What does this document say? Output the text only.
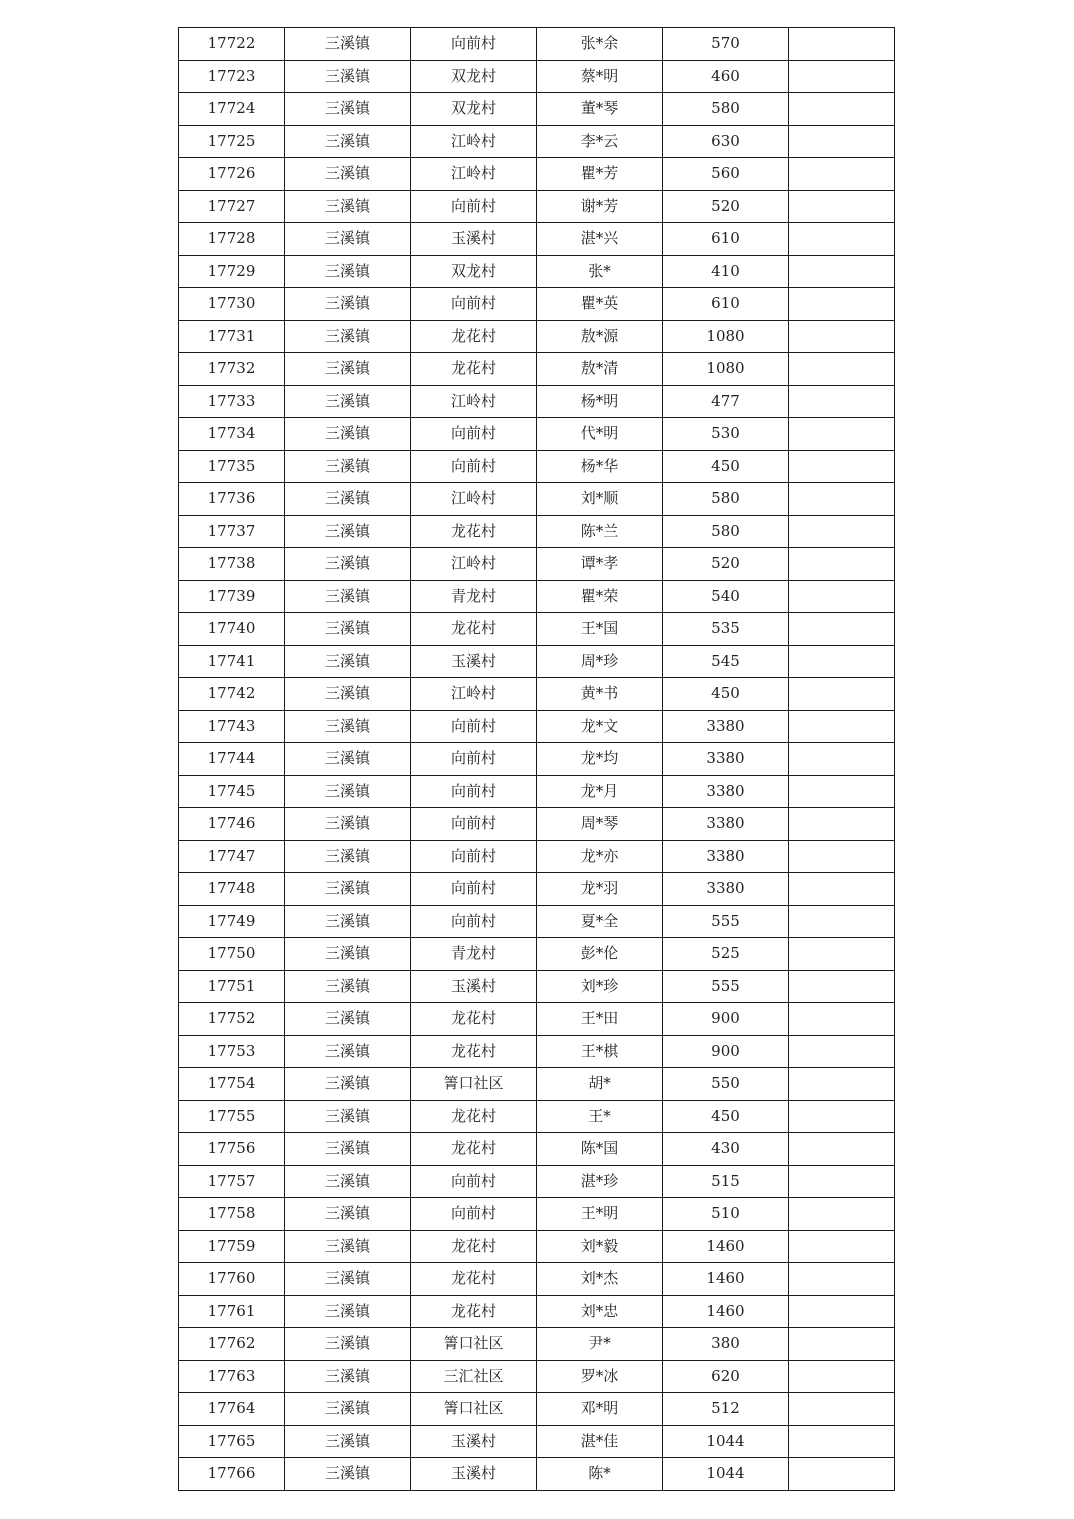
17722	三溪镇	向前村	张*余	570	
17723	三溪镇	双龙村	蔡*明	460	
17724	三溪镇	双龙村	董*琴	580	
17725	三溪镇	江岭村	李*云	630	
17726	三溪镇	江岭村	瞿*芳	560	
17727	三溪镇	向前村	谢*芳	520	
17728	三溪镇	玉溪村	湛*兴	610	
17729	三溪镇	双龙村	张*	410	
17730	三溪镇	向前村	瞿*英	610	
17731	三溪镇	龙花村	敖*源	1080	
17732	三溪镇	龙花村	敖*清	1080	
17733	三溪镇	江岭村	杨*明	477	
17734	三溪镇	向前村	代*明	530	
17735	三溪镇	向前村	杨*华	450	
17736	三溪镇	江岭村	刘*顺	580	
17737	三溪镇	龙花村	陈*兰	580	
17738	三溪镇	江岭村	谭*孝	520	
17739	三溪镇	青龙村	瞿*荣	540	
17740	三溪镇	龙花村	王*国	535	
17741	三溪镇	玉溪村	周*珍	545	
17742	三溪镇	江岭村	黄*书	450	
17743	三溪镇	向前村	龙*文	3380	
17744	三溪镇	向前村	龙*均	3380	
17745	三溪镇	向前村	龙*月	3380	
17746	三溪镇	向前村	周*琴	3380	
17747	三溪镇	向前村	龙*亦	3380	
17748	三溪镇	向前村	龙*羽	3380	
17749	三溪镇	向前村	夏*全	555	
17750	三溪镇	青龙村	彭*伦	525	
17751	三溪镇	玉溪村	刘*珍	555	
17752	三溪镇	龙花村	王*田	900	
17753	三溪镇	龙花村	王*棋	900	
17754	三溪镇	箐口社区	胡*	550	
17755	三溪镇	龙花村	王*	450	
17756	三溪镇	龙花村	陈*国	430	
17757	三溪镇	向前村	湛*珍	515	
17758	三溪镇	向前村	王*明	510	
17759	三溪镇	龙花村	刘*毅	1460	
17760	三溪镇	龙花村	刘*杰	1460	
17761	三溪镇	龙花村	刘*忠	1460	
17762	三溪镇	箐口社区	尹*	380	
17763	三溪镇	三汇社区	罗*冰	620	
17764	三溪镇	箐口社区	邓*明	512	
17765	三溪镇	玉溪村	湛*佳	1044	
17766	三溪镇	玉溪村	陈*	1044	
